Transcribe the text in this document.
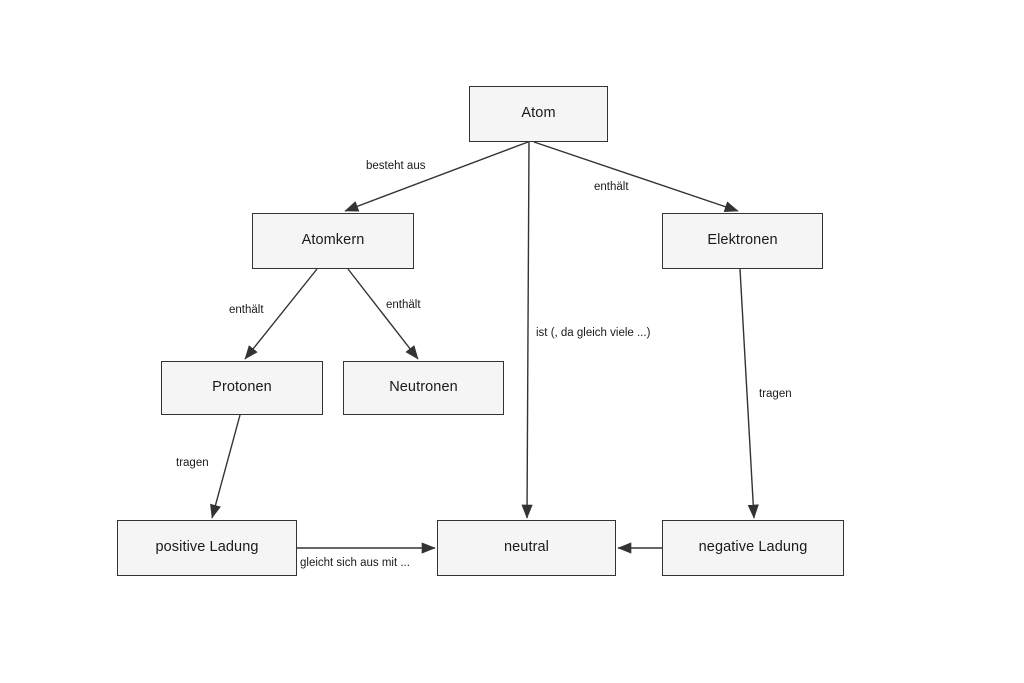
Atom
Atomkern	Elektronen
Protonen	Neutronen
positive Ladung	neutral	negative Ladung
besteht aus
enthält
ist (, da gleich viele ...)
enthält	enthält
tragen
tragen
gleicht sich aus mit ...
